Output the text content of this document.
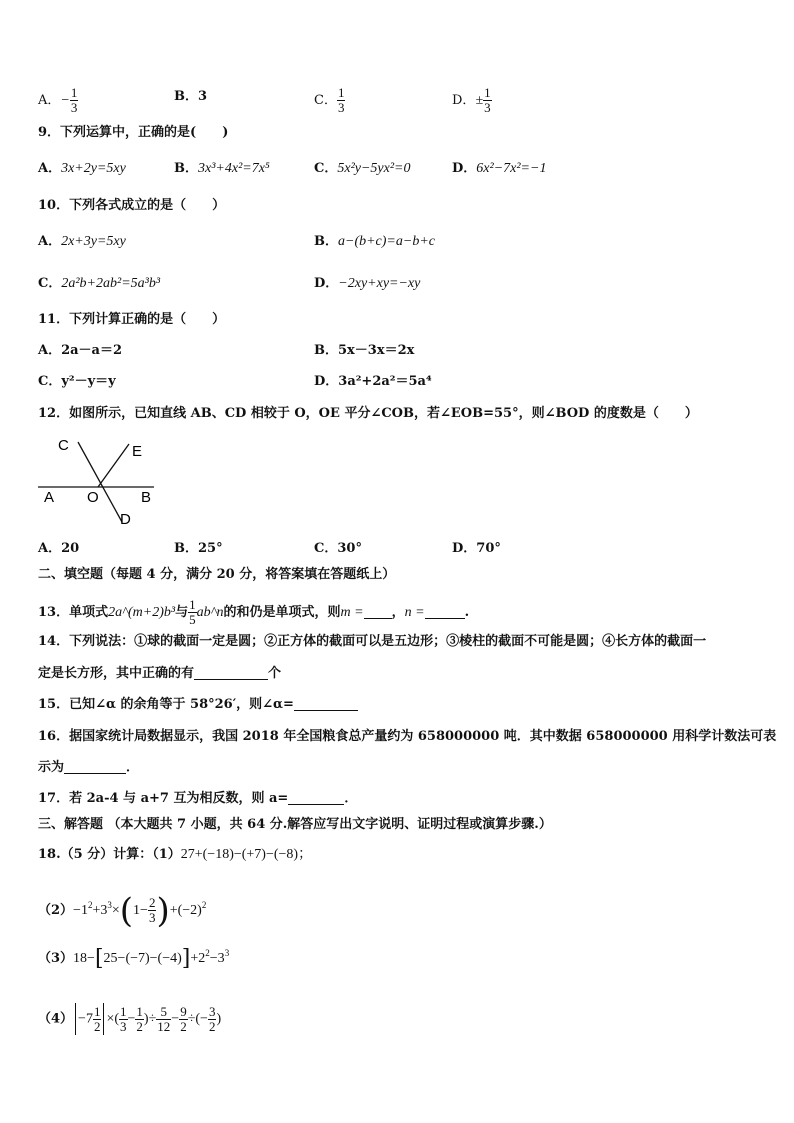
A．− $\frac{1}{3}$	B．3	C． $\frac{1}{3}$	D．± $\frac{1}{3}$
9．下列运算中，正确的是(　　)
A．3x+2y=5xy	B．3x³+4x²=7x⁵	C．5x²y−5yx²=0	D．6x²−7x²=−1
10．下列各式成立的是（　　）
A．2x+3y=5xy	B．a−(b+c)=a−b+c
C．2a²b+2ab²=5a³b³	D．−2xy+xy=−xy
11．下列计算正确的是（　　）
A．2a－a＝2	B．5x－3x＝2x
C．y²－y＝y	D．3a²+2a²＝5a⁴
12．如图所示，已知直线 AB、CD 相较于 O，OE 平分∠COB，若∠EOB=55°，则∠BOD 的度数是（　　）
C	E
A O	B
D
A．20	B．25°	C．30°	D．70°
二、填空题（每题 4 分，满分 20 分，将答案填在答题纸上）
13．单项式2a^(m+2)b³与 $\frac{1}{5}$ ab^n的和仍是单项式，则m = ，n =	.
14．下列说法：①球的截面一定是圆；②正方体的截面可以是五边形；③棱柱的截面不可能是圆；④长方体的截面一
定是长方形，其中正确的有	个
15．已知∠α 的余角等于 58°26′，则∠α=
16．据国家统计局数据显示，我国 2018 年全国粮食总产量约为 658000000 吨．其中数据 658000000 用科学计数法可表
示为	．
17．若 2a-4 与 a+7 互为相反数，则 a=	．
三、解答题 （本大题共 7 小题，共 64 分.解答应写出文字说明、证明过程或演算步骤.）
18.（5 分）计算：（1）27+(−18)−(+7)−(−8)；
$(2)-1^2+3^3\times(1- \frac{2}{3} )+(-2)^2$
$(3)18-[25-(-7)-(-4)]+2^2-3^3$
$(4) -7 \frac{1}{2}$ ×( $\frac{1}{3} - \frac{1}{2}$ )÷ $\frac{5}{12} - \frac{9}{2}$ ÷(− $\frac{3}{2}$ )
